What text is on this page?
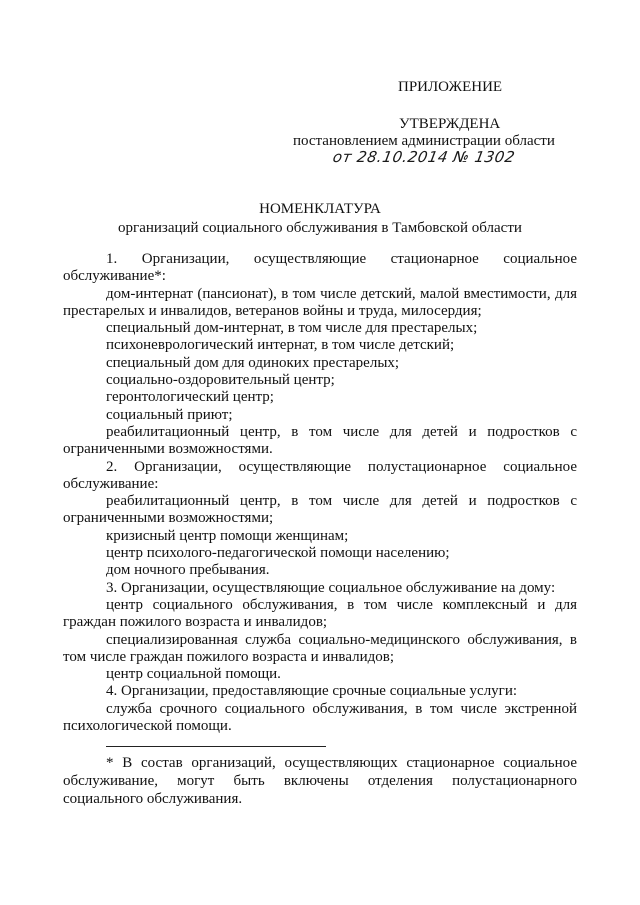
ПРИЛОЖЕНИЕ
УТВЕРЖДЕНА
постановлением администрации области
от 28.10.2014 № 1302
НОМЕНКЛАТУРА
организаций социального обслуживания в Тамбовской области

1. Организации, осуществляющие стационарное социальное обслуживание*:

дом-интернат (пансионат), в том числе детский, малой вместимости, для престарелых и инвалидов, ветеранов войны и труда, милосердия;

специальный дом-интернат, в том числе для престарелых;

психоневрологический интернат, в том числе детский;

специальный дом для одиноких престарелых;

социально-оздоровительный центр;

геронтологический центр;

социальный приют;

реабилитационный центр, в том числе для детей и подростков с ограниченными возможностями.

2. Организации, осуществляющие полустационарное социальное обслуживание:

реабилитационный центр, в том числе для детей и подростков с ограниченными возможностями;

кризисный центр помощи женщинам;

центр психолого-педагогической помощи населению;

дом ночного пребывания.

3. Организации, осуществляющие социальное обслуживание на дому:

центр социального обслуживания, в том числе комплексный и для граждан пожилого возраста и инвалидов;

специализированная служба социально-медицинского обслуживания, в том числе граждан пожилого возраста и инвалидов;

центр социальной помощи.

4. Организации, предоставляющие срочные социальные услуги:

служба срочного социального обслуживания, в том числе экстренной психологической помощи.

* В состав организаций, осуществляющих стационарное социальное обслуживание, могут быть включены отделения полустационарного социального обслуживания.
